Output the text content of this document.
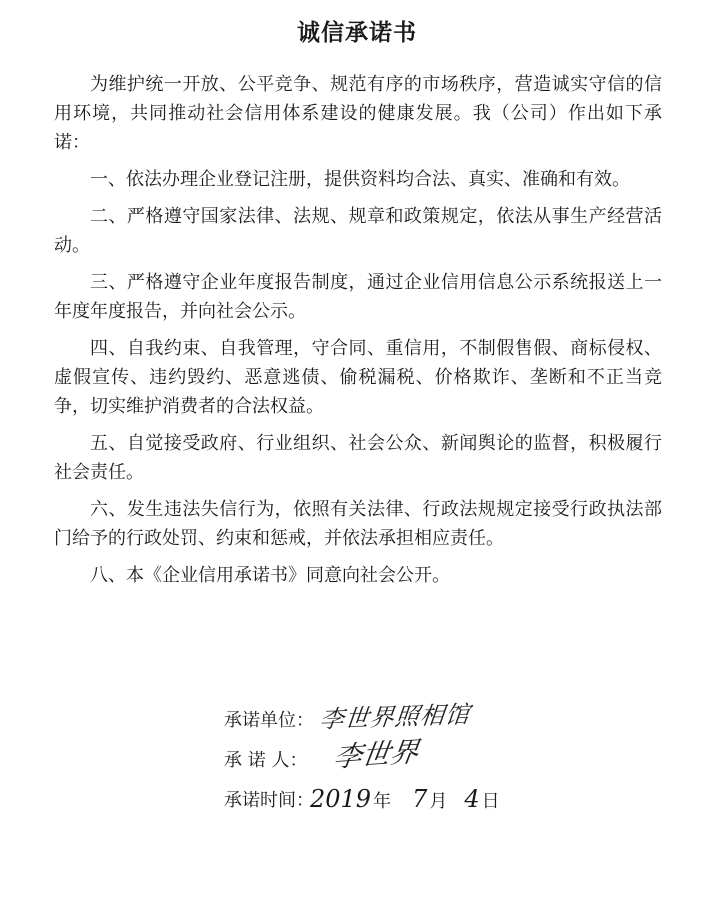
诚信承诺书

为维护统一开放、公平竞争、规范有序的市场秩序，营造诚实守信的信用环境，共同推动社会信用体系建设的健康发展。我（公司）作出如下承诺：

一、依法办理企业登记注册，提供资料均合法、真实、准确和有效。

二、严格遵守国家法律、法规、规章和政策规定，依法从事生产经营活动。

三、严格遵守企业年度报告制度，通过企业信用信息公示系统报送上一年度年度报告，并向社会公示。

四、自我约束、自我管理，守合同、重信用，不制假售假、商标侵权、虚假宣传、违约毁约、恶意逃债、偷税漏税、价格欺诈、垄断和不正当竞争，切实维护消费者的合法权益。

五、自觉接受政府、行业组织、社会公众、新闻舆论的监督，积极履行社会责任。

六、发生违法失信行为，依照有关法律、行政法规规定接受行政执法部门给予的行政处罚、约束和惩戒，并依法承担相应责任。

八、本《企业信用承诺书》同意向社会公开。

承诺单位： 李世界照相馆
承 诺 人： 李世界
承诺时间：
2019 年 7 月 4 日
